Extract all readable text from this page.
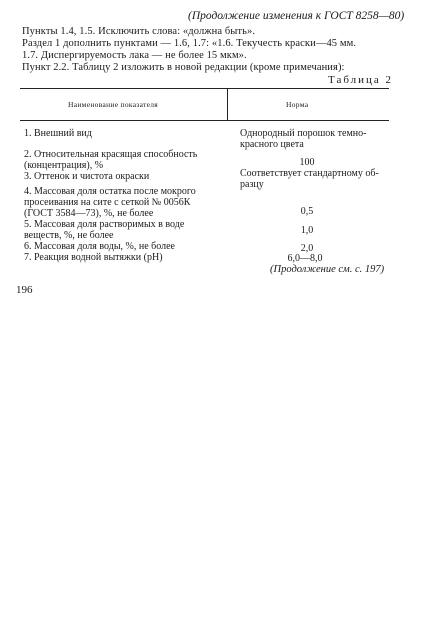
(Продолжение изменения к ГОСТ 8258—80)
Пункты 1.4, 1.5. Исключить слова: «должна быть».
Раздел 1 дополнить пунктами — 1.6, 1.7: «1.6. Текучесть краски—45 мм.
1.7. Диспергируемость лака — не более 15 мкм».
Пункт 2.2. Таблицу 2 изложить в новой редакции (кроме примечания):
Таблица 2
Наименование показателя	Норма
1. Внешний вид	Однородный порошок темно-
красного цвета
2. Относительная красящая способность
(концентрация), %	100
3. Оттенок и чистота окраски	Соответствует стандартному об-
разцу
4. Массовая доля остатка после мокрого
просеивания на сите с сеткой № 0056К
(ГОСТ 3584—73), %, не более	0,5
5. Массовая доля растворимых в воде
веществ, %, не более	1,0
6. Массовая доля воды, %, не более	2,0
7. Реакция водной вытяжки (pH)	6,0—8,0
(Продолжение см. с. 197)
196
